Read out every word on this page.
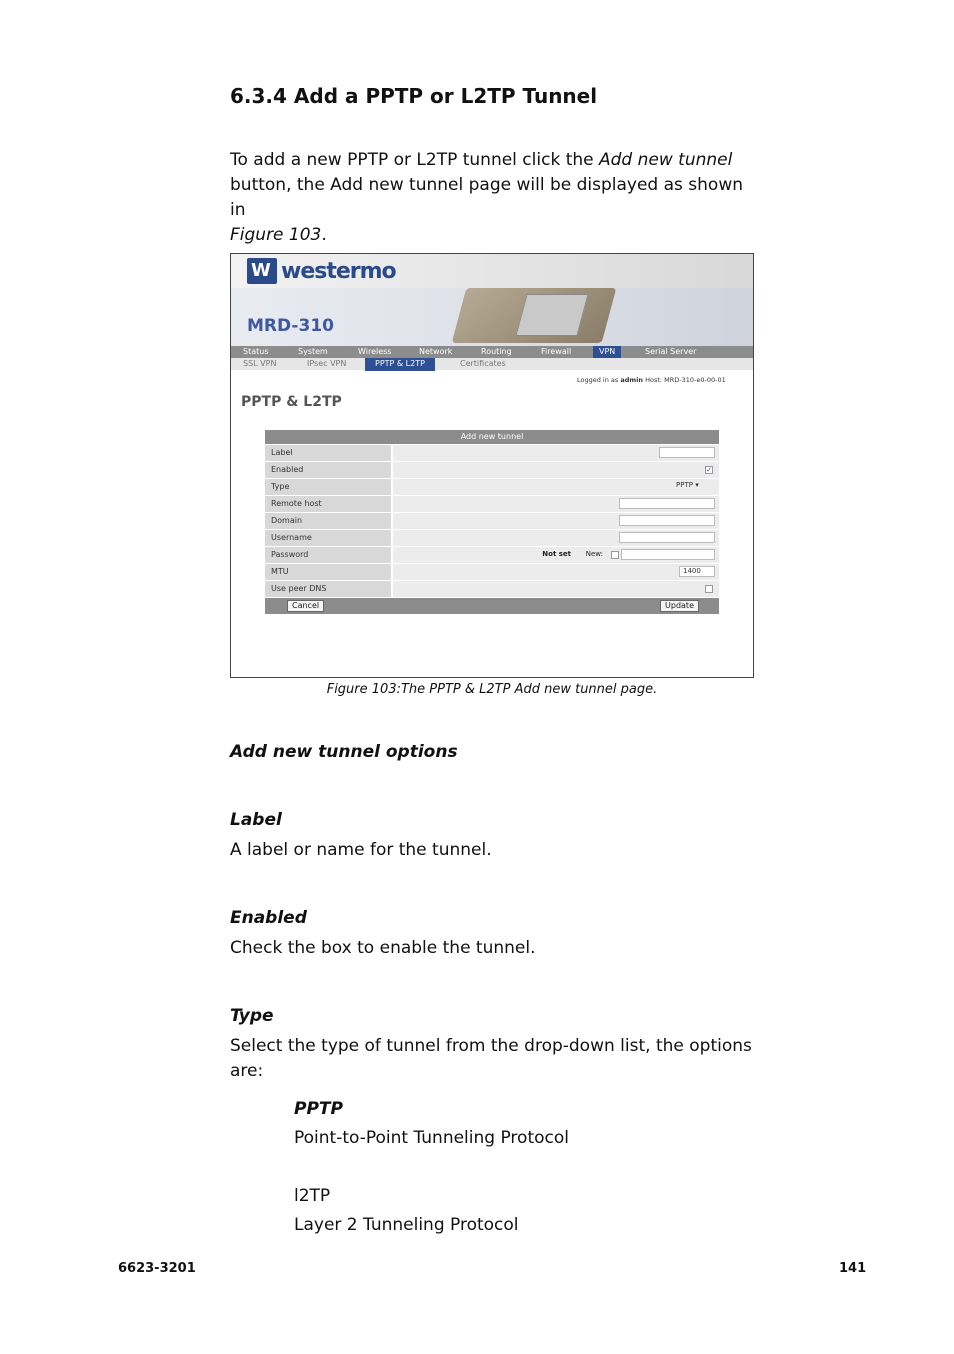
6.3.4 Add a PPTP or L2TP Tunnel

To add a new PPTP or L2TP tunnel click the Add new tunnel
button, the Add new tunnel page will be displayed as shown in
Figure 103.

W westermo
MRD-310
Status	System	Wireless	Network	Routing	Firewall	VPN	Serial Server
SSL VPN	IPsec VPN	PPTP & L2TP	Certificates
Logged in as admin Host: MRD-310-e0-00-01
PPTP & L2TP
Add new tunnel
Label
Enabled	✓
Type	PPTP ▾
Remote host
Domain
Username
Password	Not set New:
MTU	1400
Use peer DNS
Cancel	Update
Figure 103:The PPTP & L2TP Add new tunnel page.
Add new tunnel options
Label
A label or name for the tunnel.
Enabled
Check the box to enable the tunnel.
Type
Select the type of tunnel from the drop-down list, the options are:
PPTP
Point-to-Point Tunneling Protocol
l2TP
Layer 2 Tunneling Protocol
6623-3201	141
